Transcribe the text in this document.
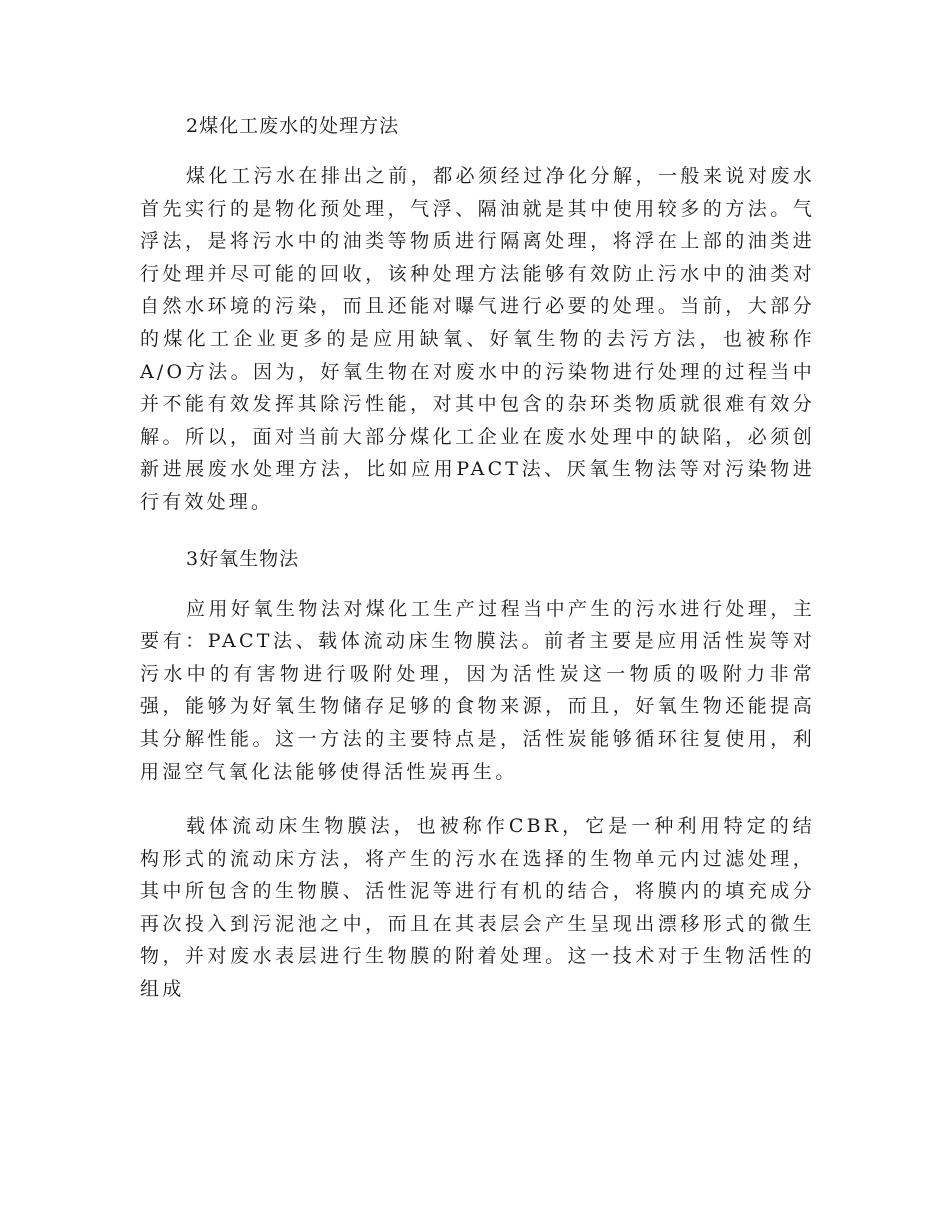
2煤化工废水的处理方法

煤化工污水在排出之前，都必须经过净化分解，一般来说对废水首先实行的是物化预处理，气浮、隔油就是其中使用较多的方法。气浮法，是将污水中的油类等物质进行隔离处理，将浮在上部的油类进行处理并尽可能的回收，该种处理方法能够有效防止污水中的油类对自然水环境的污染，而且还能对曝气进行必要的处理。当前，大部分的煤化工企业更多的是应用缺氧、好氧生物的去污方法，也被称作A/O方法。因为，好氧生物在对废水中的污染物进行处理的过程当中并不能有效发挥其除污性能，对其中包含的杂环类物质就很难有效分解。所以，面对当前大部分煤化工企业在废水处理中的缺陷，必须创新进展废水处理方法，比如应用PACT法、厌氧生物法等对污染物进行有效处理。

3好氧生物法

应用好氧生物法对煤化工生产过程当中产生的污水进行处理，主要有：PACT法、载体流动床生物膜法。前者主要是应用活性炭等对污水中的有害物进行吸附处理，因为活性炭这一物质的吸附力非常强，能够为好氧生物储存足够的食物来源，而且，好氧生物还能提高其分解性能。这一方法的主要特点是，活性炭能够循环往复使用，利用湿空气氧化法能够使得活性炭再生。

载体流动床生物膜法，也被称作CBR，它是一种利用特定的结构形式的流动床方法，将产生的污水在选择的生物单元内过滤处理，其中所包含的生物膜、活性泥等进行有机的结合，将膜内的填充成分再次投入到污泥池之中，而且在其表层会产生呈现出漂移形式的微生物，并对废水表层进行生物膜的附着处理。这一技术对于生物活性的组成
